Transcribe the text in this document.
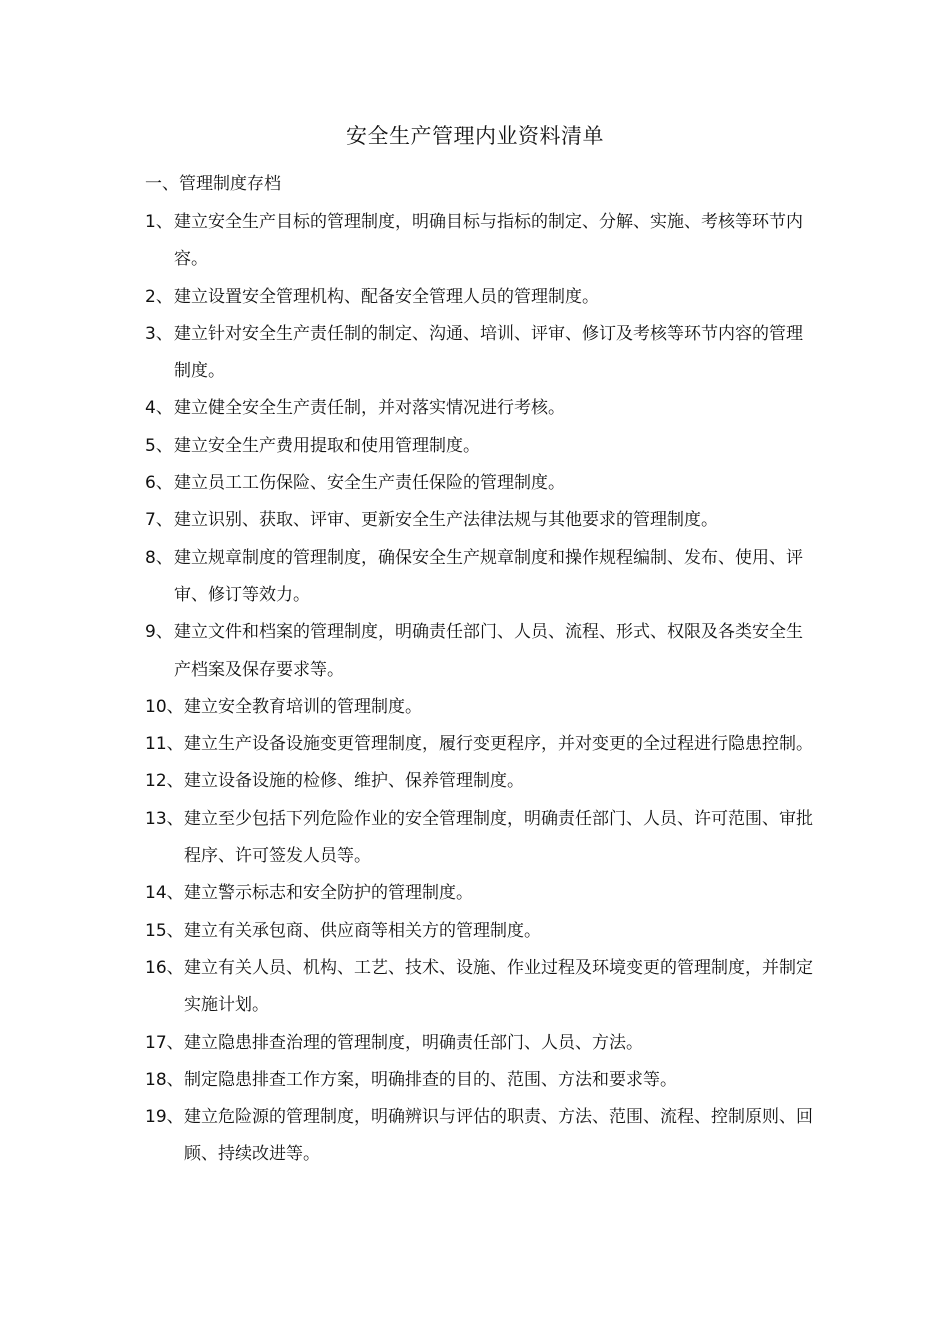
安全生产管理内业资料清单
一、管理制度存档
1、 建立安全生产目标的管理制度，明确目标与指标的制定、分解、实施、考核等环节内容。
2、 建立设置安全管理机构、配备安全管理人员的管理制度。
3、 建立针对安全生产责任制的制定、沟通、培训、评审、修订及考核等环节内容的管理制度。
4、 建立健全安全生产责任制，并对落实情况进行考核。
5、 建立安全生产费用提取和使用管理制度。
6、 建立员工工伤保险、安全生产责任保险的管理制度。
7、 建立识别、获取、评审、更新安全生产法律法规与其他要求的管理制度。
8、 建立规章制度的管理制度，确保安全生产规章制度和操作规程编制、发布、使用、评审、修订等效力。
9、 建立文件和档案的管理制度，明确责任部门、人员、流程、形式、权限及各类安全生产档案及保存要求等。
10、 建立安全教育培训的管理制度。
11、 建立生产设备设施变更管理制度，履行变更程序，并对变更的全过程进行隐患控制。
12、 建立设备设施的检修、维护、保养管理制度。
13、 建立至少包括下列危险作业的安全管理制度，明确责任部门、人员、许可范围、审批程序、许可签发人员等。
14、 建立警示标志和安全防护的管理制度。
15、 建立有关承包商、供应商等相关方的管理制度。
16、 建立有关人员、机构、工艺、技术、设施、作业过程及环境变更的管理制度，并制定实施计划。
17、 建立隐患排查治理的管理制度，明确责任部门、人员、方法。
18、 制定隐患排查工作方案，明确排查的目的、范围、方法和要求等。
19、 建立危险源的管理制度，明确辨识与评估的职责、方法、范围、流程、控制原则、回顾、持续改进等。
